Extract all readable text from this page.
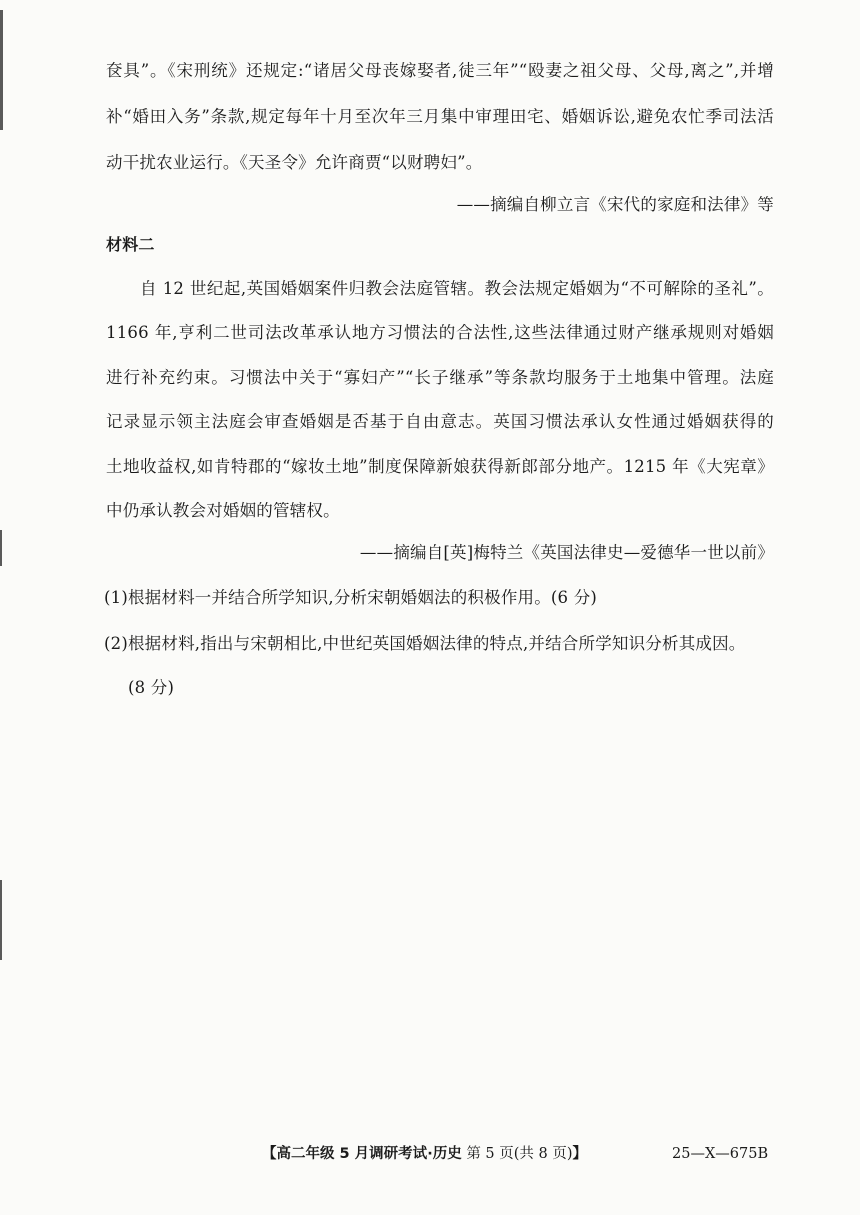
奁具”。《宋刑统》还规定:“诸居父母丧嫁娶者,徒三年”“殴妻之祖父母、父母,离之”,并增
补“婚田入务”条款,规定每年十月至次年三月集中审理田宅、婚姻诉讼,避免农忙季司法活
动干扰农业运行。《天圣令》允许商贾“以财聘妇”。
——摘编自柳立言《宋代的家庭和法律》等
材料二
自 12 世纪起,英国婚姻案件归教会法庭管辖。教会法规定婚姻为“不可解除的圣礼”。
1166 年,亨利二世司法改革承认地方习惯法的合法性,这些法律通过财产继承规则对婚姻
进行补充约束。习惯法中关于“寡妇产”“长子继承”等条款均服务于土地集中管理。法庭
记录显示领主法庭会审查婚姻是否基于自由意志。英国习惯法承认女性通过婚姻获得的
土地收益权,如肯特郡的“嫁妆土地”制度保障新娘获得新郎部分地产。1215 年《大宪章》
中仍承认教会对婚姻的管辖权。
——摘编自[英]梅特兰《英国法律史—爱德华一世以前》
(1)根据材料一并结合所学知识,分析宋朝婚姻法的积极作用。(6 分)
(2)根据材料,指出与宋朝相比,中世纪英国婚姻法律的特点,并结合所学知识分析其成因。
(8 分)
【高二年级 5 月调研考试·历史 第 5 页(共 8 页)】	25—X—675B
